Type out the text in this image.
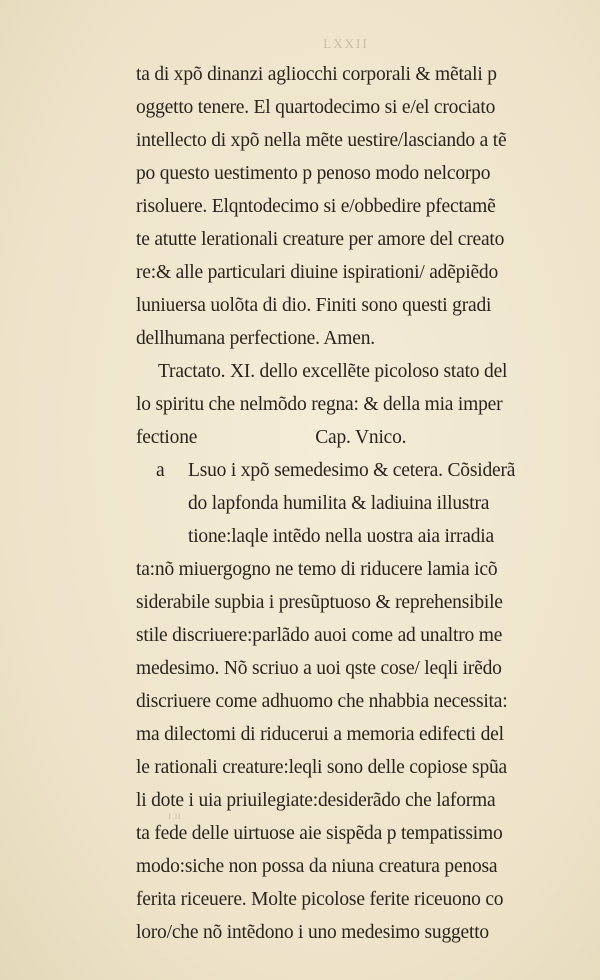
LXXII
ta di xpõ dinanzi agliocchi corporali & mẽtali p
oggetto tenere. El quartodecimo si e/el crociato
intellecto di xpõ nella mẽte uestire/lasciando a tẽ
po questo uestimento p penoso modo nelcorpo
risoluere. Elqntodecimo si e/obbedire pfectamẽ
te atutte lerationali creature per amore del creato
re:& alle particulari diuine ispirationi/ adẽpiẽdo
luniuersa uolõta di dio. Finiti sono questi gradi
dellhumana perfectione. Amen.
Tractato. XI. dello excellẽte picoloso stato del
lo spiritu che nelmõdo regna: & della mia imper
fectione	Cap. Vnico.
a Lsuo i xpõ semedesimo & cetera. Cõsiderã
do lapfonda humilita & ladiuina illustra
tione:laqle intẽdo nella uostra aia irradia
ta:nõ miuergogno ne temo di riducere lamia icõ
siderabile supbia i presũptuoso & reprehensibile
stile discriuere:parlãdo auoi come ad unaltro me
medesimo. Nõ scriuo a uoi qste cose/ leqli irẽdo
discriuere come adhuomo che nhabbia necessita:
ma dilectomi di riducerui a memoria edifecti del
le rationali creature:leqli sono delle copiose spũa
li dote i uia priuilegiate:desiderãdo che laforma
ta fede delle uirtuose aie sispẽda p tempatissimo
modo:siche non possa da niuna creatura penosa
ferita riceuere. Molte picolose ferite riceuono co
loro/che nõ intẽdono i uno medesimo suggetto
ı ıı
